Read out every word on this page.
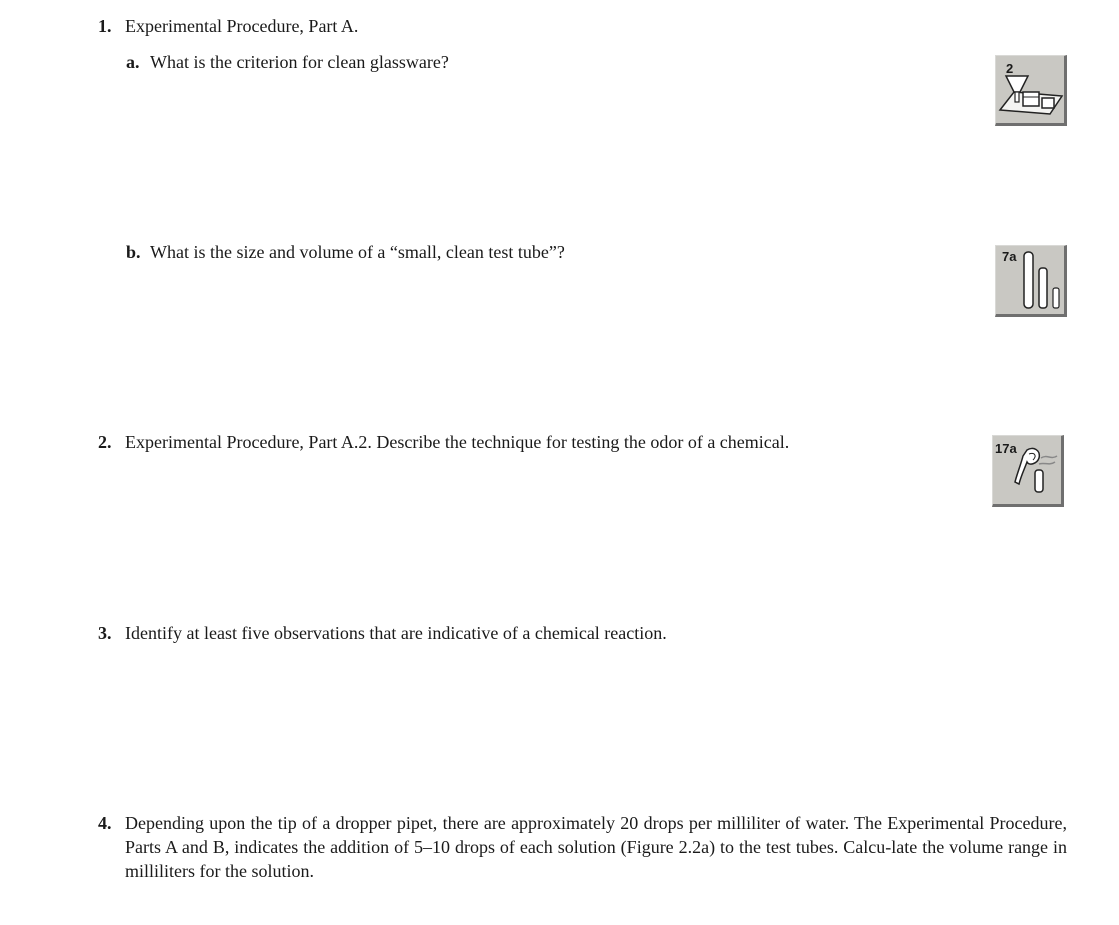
1. Experimental Procedure, Part A.
a. What is the criterion for clean glassware?	2
b. What is the size and volume of a “small, clean test tube”?	7a
2. Experimental Procedure, Part A.2. Describe the technique for testing the odor of a chemical.	17a
3. Identify at least five observations that are indicative of a chemical reaction.
4. Depending upon the tip of a dropper pipet, there are approximately 20 drops per milliliter of water. The Experimental Procedure, Parts A and B, indicates the addition of 5–10 drops of each solution (Figure 2.2a) to the test tubes. Calcu-late the volume range in milliliters for the solution.
